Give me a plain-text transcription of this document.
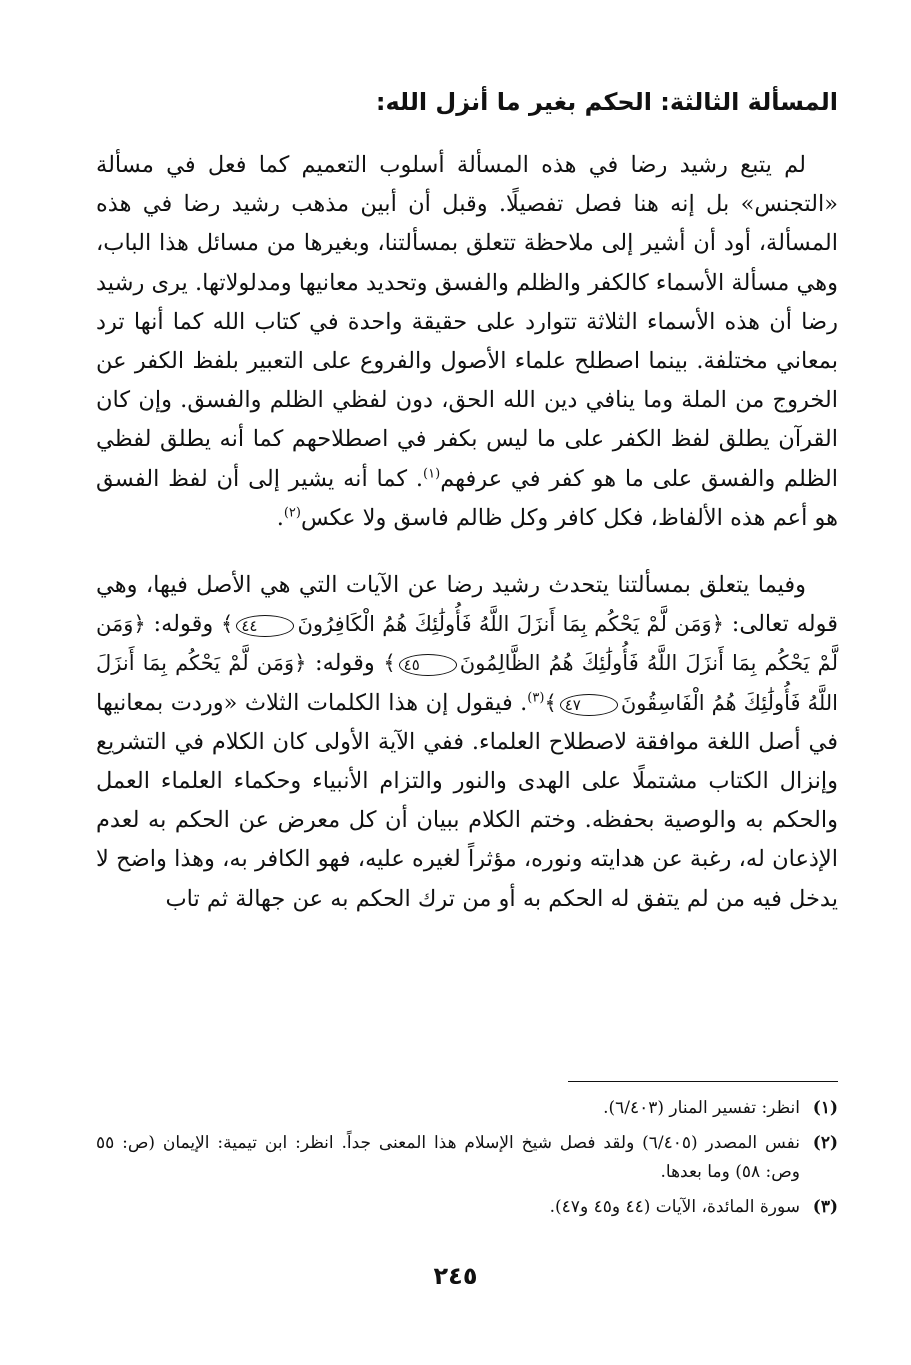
المسألة الثالثة: الحكم بغير ما أنزل الله:

لم يتبع رشيد رضا في هذه المسألة أسلوب التعميم كما فعل في مسألة «التجنس» بل إنه هنا فصل تفصيلًا. وقبل أن أبين مذهب رشيد رضا في هذه المسألة، أود أن أشير إلى ملاحظة تتعلق بمسألتنا، وبغيرها من مسائل هذا الباب، وهي مسألة الأسماء كالكفر والظلم والفسق وتحديد معانيها ومدلولاتها. يرى رشيد رضا أن هذه الأسماء الثلاثة تتوارد على حقيقة واحدة في كتاب الله كما أنها ترد بمعاني مختلفة. بينما اصطلح علماء الأصول والفروع على التعبير بلفظ الكفر عن الخروج من الملة وما ينافي دين الله الحق، دون لفظي الظلم والفسق. وإن كان القرآن يطلق لفظ الكفر على ما ليس بكفر في اصطلاحهم كما أنه يطلق لفظي الظلم والفسق على ما هو كفر في عرفهم$^{(١)}$. كما أنه يشير إلى أن لفظ الفسق هو أعم هذه الألفاظ، فكل كافر وكل ظالم فاسق ولا عكس$^{(٢)}$.

وفيما يتعلق بمسألتنا يتحدث رشيد رضا عن الآيات التي هي الأصل فيها، وهي قوله تعالى: ﴿وَمَن لَّمْ يَحْكُم بِمَا أَنزَلَ اللَّهُ فَأُولَٰئِكَ هُمُ الْكَافِرُونَ٤٤﴾ وقوله: ﴿وَمَن لَّمْ يَحْكُم بِمَا أَنزَلَ اللَّهُ فَأُولَٰئِكَ هُمُ الظَّالِمُونَ٤٥﴾ وقوله: ﴿وَمَن لَّمْ يَحْكُم بِمَا أَنزَلَ اللَّهُ فَأُولَٰئِكَ هُمُ الْفَاسِقُونَ٤٧﴾$^{(٣)}$. فيقول إن هذا الكلمات الثلاث «وردت بمعانيها في أصل اللغة موافقة لاصطلاح العلماء. ففي الآية الأولى كان الكلام في التشريع وإنزال الكتاب مشتملًا على الهدى والنور والتزام الأنبياء وحكماء العلماء العمل والحكم به والوصية بحفظه. وختم الكلام ببيان أن كل معرض عن الحكم به لعدم الإذعان له، رغبة عن هدايته ونوره، مؤثراً لغيره عليه، فهو الكافر به، وهذا واضح لا يدخل فيه من لم يتفق له الحكم به أو من ترك الحكم به عن جهالة ثم تاب

(١)
انظر: تفسير المنار (٦/٤٠٣).
(٢)
نفس المصدر (٦/٤٠٥) ولقد فصل شيخ الإسلام هذا المعنى جداً. انظر: ابن تيمية: الإيمان (ص: ٥٥ وص: ٥٨) وما بعدها.
(٣)
سورة المائدة، الآيات (٤٤ و٤٥ و٤٧).
٢٤٥
